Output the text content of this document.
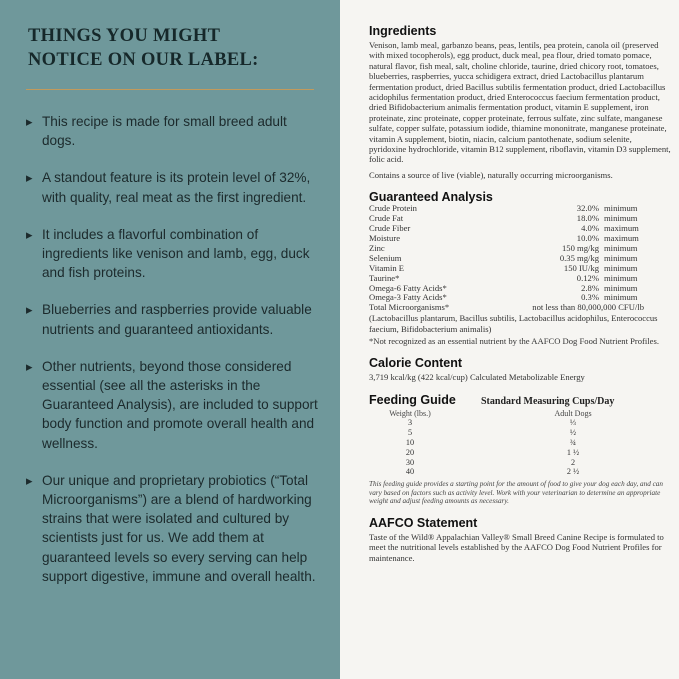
THINGS YOU MIGHT
NOTICE ON OUR LABEL:
▸ This recipe is made for small breed adult dogs.
▸ A standout feature is its protein level of 32%, with quality, real meat as the first ingredient.
▸ It includes a flavorful combination of ingredients like venison and lamb, egg, duck and fish proteins.
▸ Blueberries and raspberries provide valuable nutrients and guaranteed antioxidants.
▸ Other nutrients, beyond those considered essential (see all the asterisks in the Guaranteed Analysis), are included to support body function and promote overall health and wellness.
▸ Our unique and proprietary probiotics (“Total Microorganisms”) are a blend of hardworking strains that were isolated and cultured by scientists just for us. We add them at guaranteed levels so every serving can help support digestive, immune and overall health.
Ingredients
Venison, lamb meal, garbanzo beans, peas, lentils, pea protein, canola oil (preserved with mixed tocopherols), egg product, duck meal, pea flour, dried tomato pomace, natural flavor, fish meal, salt, choline chloride, taurine, dried chicory root, tomatoes, blueberries, raspberries, yucca schidigera extract, dried Lactobacillus plantarum fermentation product, dried Bacillus subtilis fermentation product, dried Lactobacillus acidophilus fermentation product, dried Enterococcus faecium fermentation product, dried Bifidobacterium animalis fermentation product, vitamin E supplement, iron proteinate, zinc proteinate, copper proteinate, ferrous sulfate, zinc sulfate, manganese sulfate, copper sulfate, potassium iodide, thiamine mononitrate, manganese proteinate, vitamin A supplement, biotin, niacin, calcium pantothenate, sodium selenite, pyridoxine hydrochloride, vitamin B12 supplement, riboflavin, vitamin D3 supplement, folic acid.
Contains a source of live (viable), naturally occurring microorganisms.
Guaranteed Analysis
Crude Protein	32.0% minimum
Crude Fat	18.0% minimum
Crude Fiber	4.0% maximum
Moisture	10.0% maximum
Zinc	150 mg/kg minimum
Selenium	0.35 mg/kg minimum
Vitamin E	150 IU/kg minimum
Taurine*	0.12% minimum
Omega-6 Fatty Acids*	2.8% minimum
Omega-3 Fatty Acids*	0.3% minimum
Total Microorganisms*	not less than 80,000,000 CFU/lb
(Lactobacillus plantarum, Bacillus subtilis, Lactobacillus acidophilus, Enterococcus faecium, Bifidobacterium animalis)
*Not recognized as an essential nutrient by the AAFCO Dog Food Nutrient Profiles.
Calorie Content
3,719 kcal/kg (422 kcal/cup) Calculated Metabolizable Energy
Feeding Guide	Standard Measuring Cups/Day
Weight (lbs.)	Adult Dogs
3	⅓
5	½
10	¾
20	1 ½
30	2
40	2 ½
This feeding guide provides a starting point for the amount of food to give your dog each day, and can vary based on factors such as activity level. Work with your veterinarian to determine an appropriate weight and adjust feeding amounts as necessary.
AAFCO Statement
Taste of the Wild® Appalachian Valley® Small Breed Canine Recipe is formulated to meet the nutritional levels established by the AAFCO Dog Food Nutrient Profiles for maintenance.
